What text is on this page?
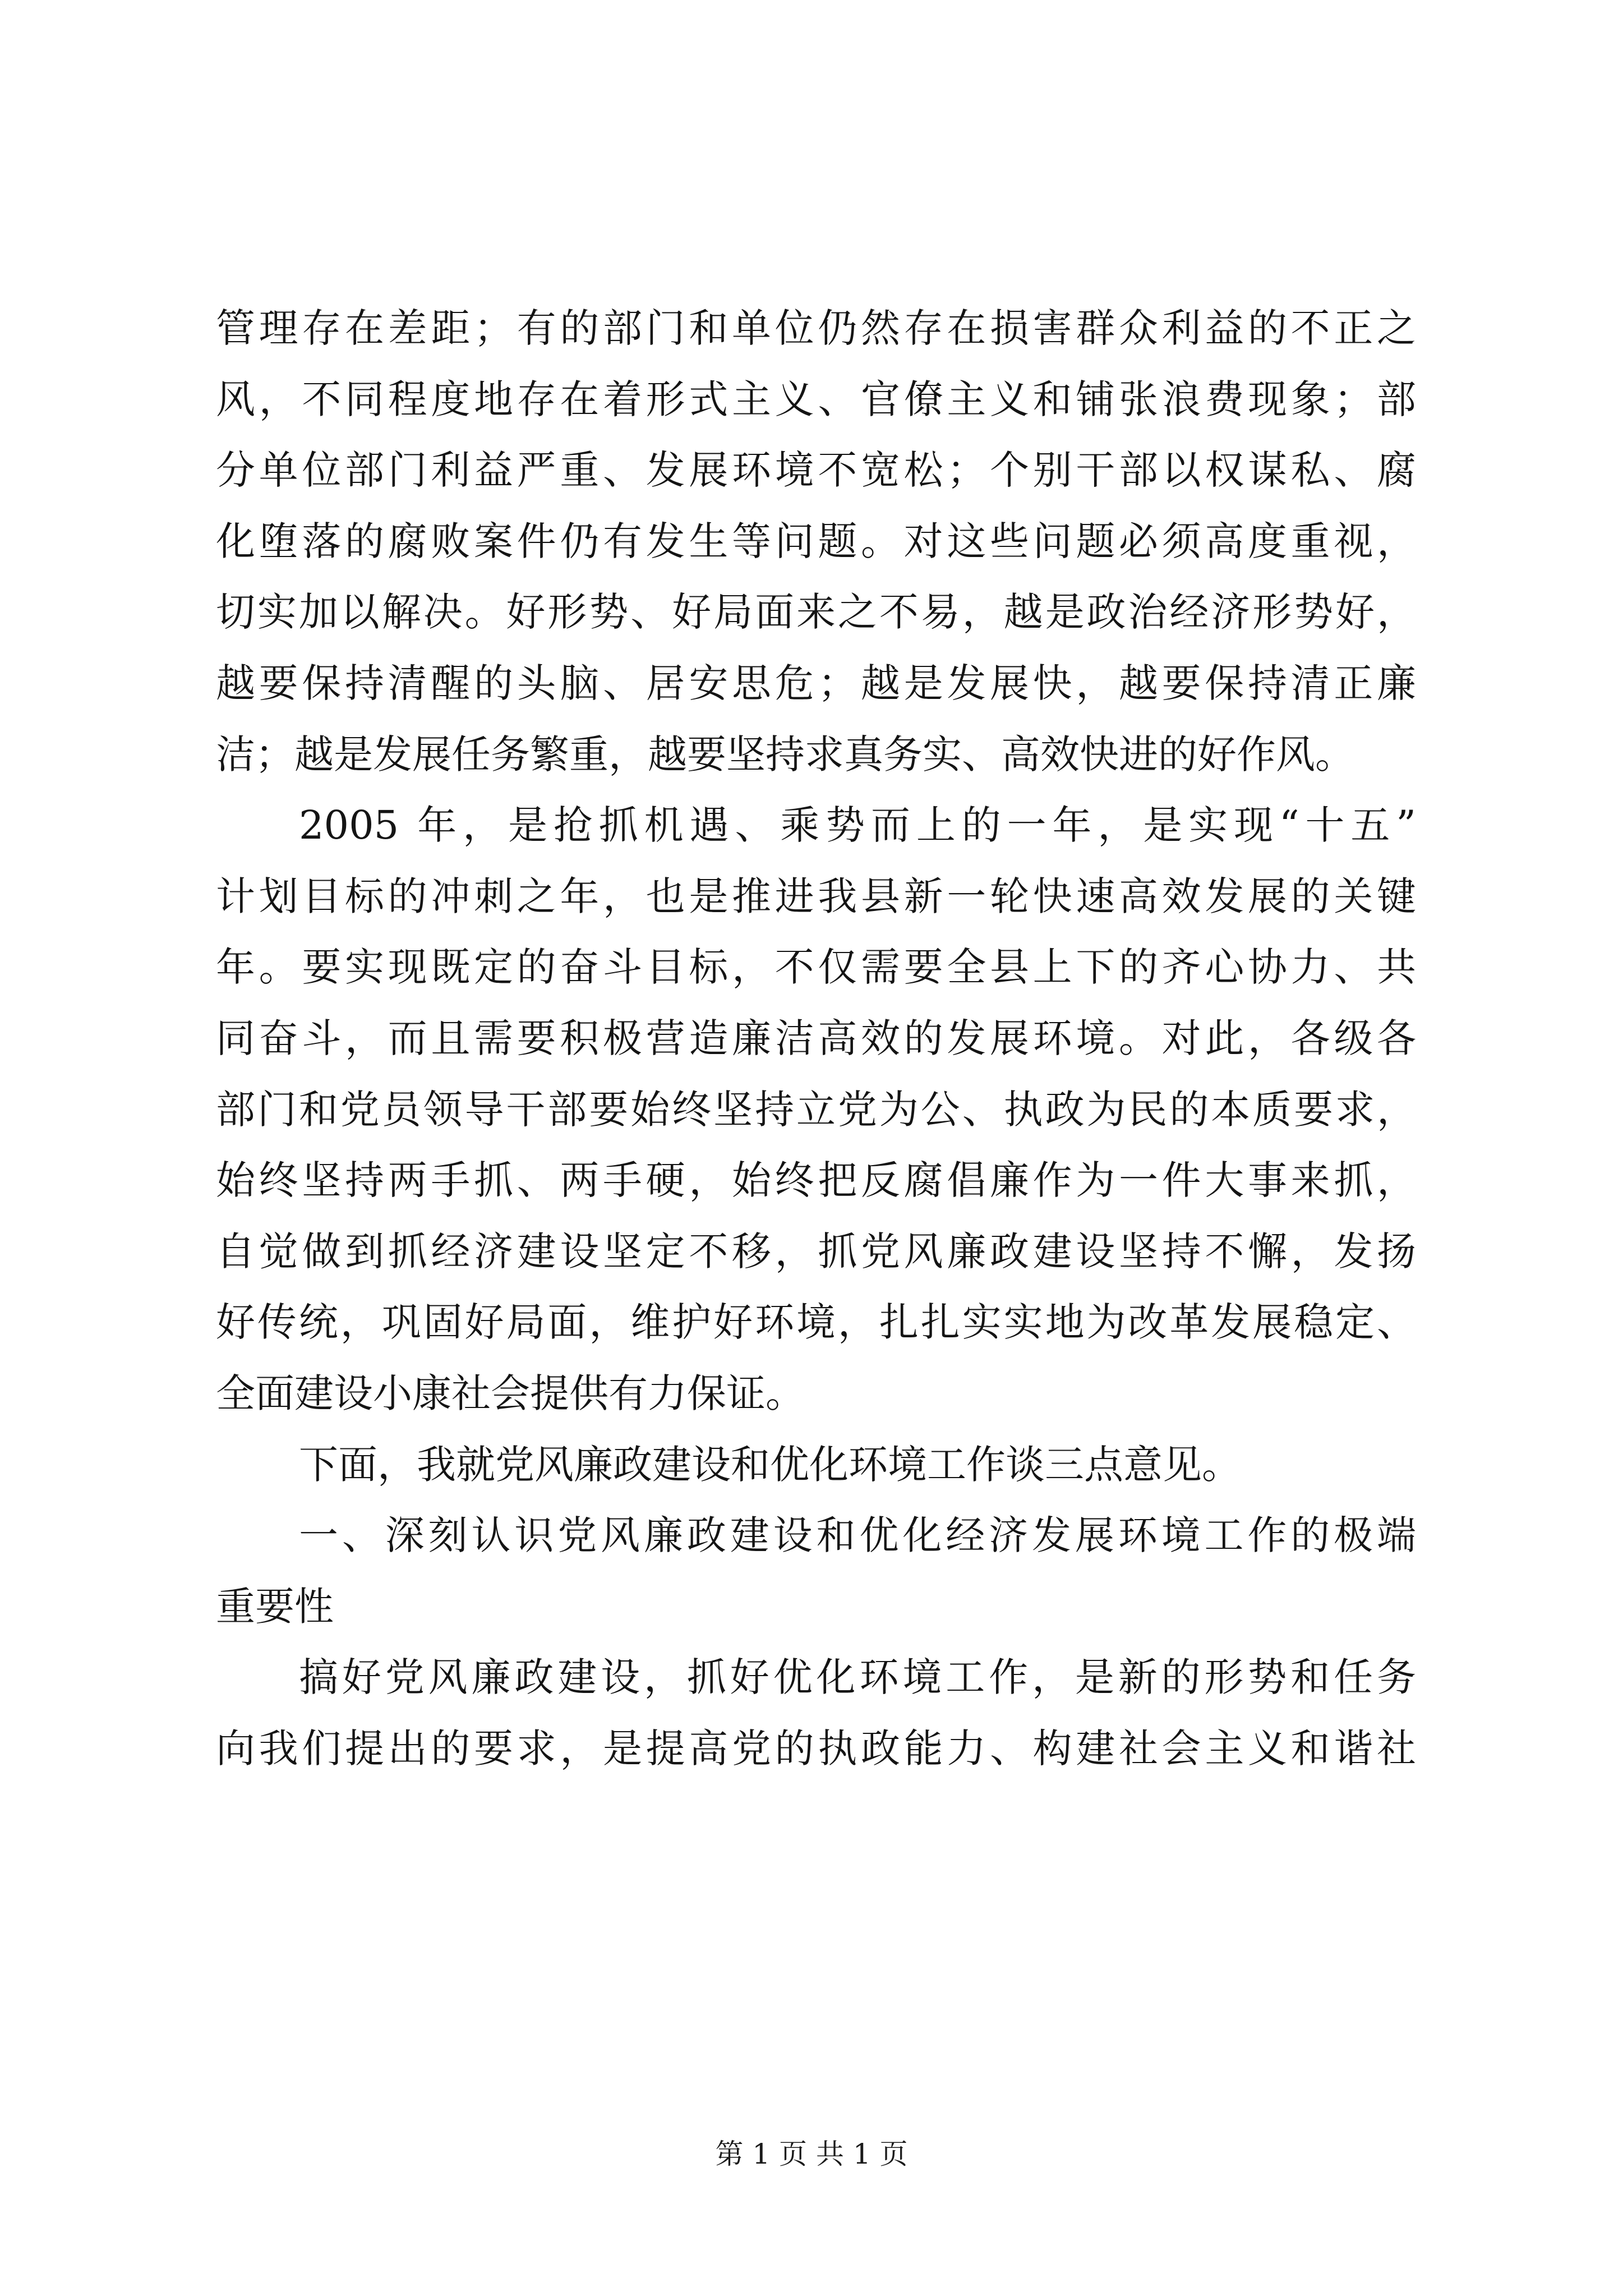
管理存在差距；有的部门和单位仍然存在损害群众利益的不正之
风，不同程度地存在着形式主义、官僚主义和铺张浪费现象；部
分单位部门利益严重、发展环境不宽松；个别干部以权谋私、腐
化堕落的腐败案件仍有发生等问题。对这些问题必须高度重视，
切实加以解决。好形势、好局面来之不易，越是政治经济形势好，
越要保持清醒的头脑、居安思危；越是发展快，越要保持清正廉
洁；越是发展任务繁重，越要坚持求真务实、高效快进的好作风。
2005 年，是抢抓机遇、乘势而上的一年，是实现“十五”
计划目标的冲刺之年，也是推进我县新一轮快速高效发展的关键
年。要实现既定的奋斗目标，不仅需要全县上下的齐心协力、共
同奋斗，而且需要积极营造廉洁高效的发展环境。对此，各级各
部门和党员领导干部要始终坚持立党为公、执政为民的本质要求，
始终坚持两手抓、两手硬，始终把反腐倡廉作为一件大事来抓，
自觉做到抓经济建设坚定不移，抓党风廉政建设坚持不懈，发扬
好传统，巩固好局面，维护好环境，扎扎实实地为改革发展稳定、
全面建设小康社会提供有力保证。
下面，我就党风廉政建设和优化环境工作谈三点意见。
一、深刻认识党风廉政建设和优化经济发展环境工作的极端
重要性
搞好党风廉政建设，抓好优化环境工作，是新的形势和任务
向我们提出的要求，是提高党的执政能力、构建社会主义和谐社
第 1 页 共 1 页
